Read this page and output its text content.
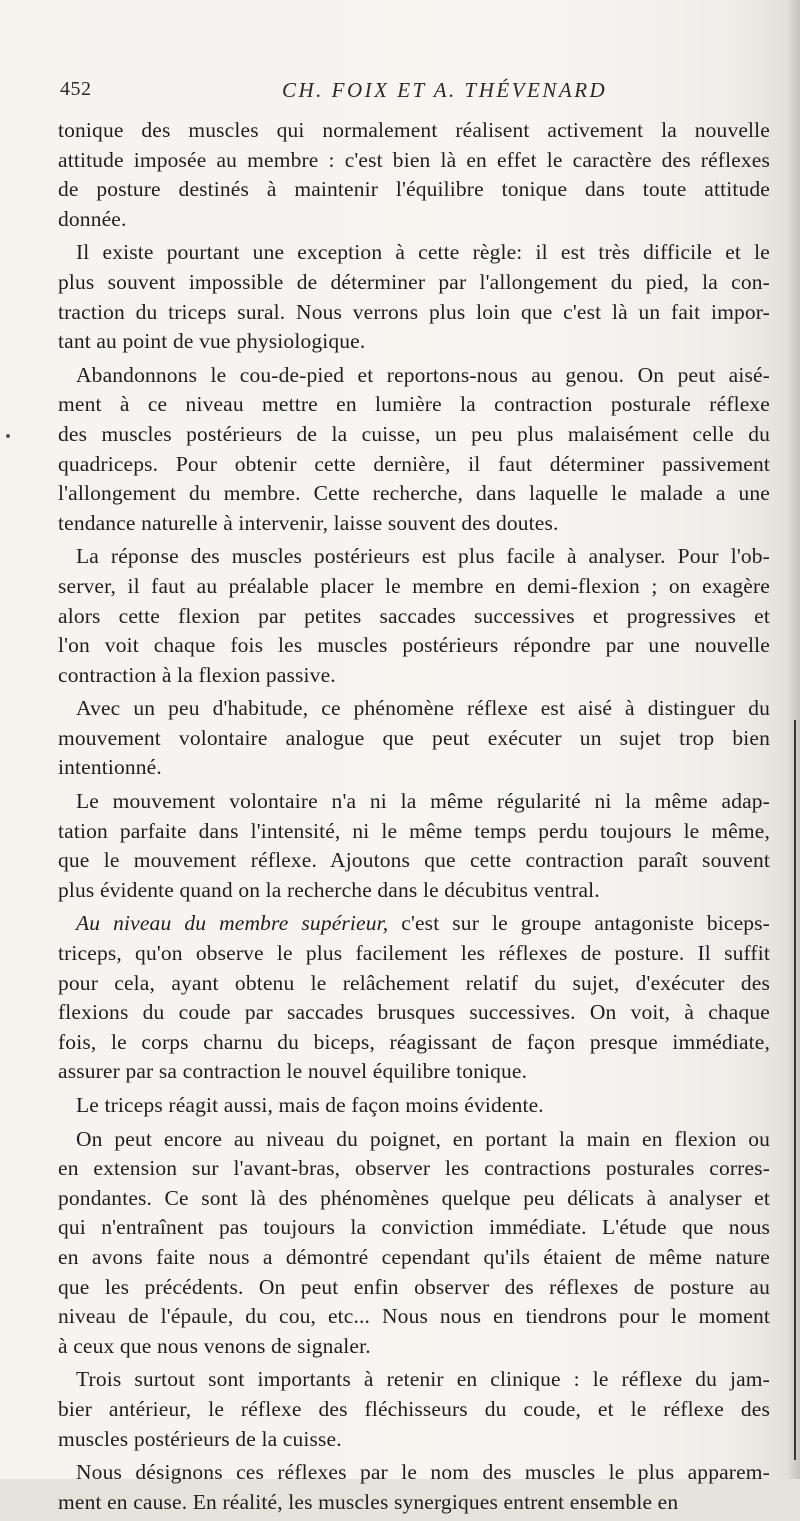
452	CH. FOIX ET A. THÉVENARD
tonique des muscles qui normalement réalisent activement la nouvelle
attitude imposée au membre : c'est bien là en effet le caractère des réflexes
de posture destinés à maintenir l'équilibre tonique dans toute attitude
donnée.
Il existe pourtant une exception à cette règle: il est très difficile et le
plus souvent impossible de déterminer par l'allongement du pied, la con-
traction du triceps sural. Nous verrons plus loin que c'est là un fait impor-
tant au point de vue physiologique.
Abandonnons le cou-de-pied et reportons-nous au genou. On peut aisé-
ment à ce niveau mettre en lumière la contraction posturale réflexe
des muscles postérieurs de la cuisse, un peu plus malaisément celle du
quadriceps. Pour obtenir cette dernière, il faut déterminer passivement
l'allongement du membre. Cette recherche, dans laquelle le malade a une
tendance naturelle à intervenir, laisse souvent des doutes.
La réponse des muscles postérieurs est plus facile à analyser. Pour l'ob-
server, il faut au préalable placer le membre en demi-flexion ; on exagère
alors cette flexion par petites saccades successives et progressives et
l'on voit chaque fois les muscles postérieurs répondre par une nouvelle
contraction à la flexion passive.
Avec un peu d'habitude, ce phénomène réflexe est aisé à distinguer du
mouvement volontaire analogue que peut exécuter un sujet trop bien
intentionné.
Le mouvement volontaire n'a ni la même régularité ni la même adap-
tation parfaite dans l'intensité, ni le même temps perdu toujours le même,
que le mouvement réflexe. Ajoutons que cette contraction paraît souvent
plus évidente quand on la recherche dans le décubitus ventral.
Au niveau du membre supérieur, c'est sur le groupe antagoniste biceps-
triceps, qu'on observe le plus facilement les réflexes de posture. Il suffit
pour cela, ayant obtenu le relâchement relatif du sujet, d'exécuter des
flexions du coude par saccades brusques successives. On voit, à chaque
fois, le corps charnu du biceps, réagissant de façon presque immédiate,
assurer par sa contraction le nouvel équilibre tonique.
Le triceps réagit aussi, mais de façon moins évidente.
On peut encore au niveau du poignet, en portant la main en flexion ou
en extension sur l'avant-bras, observer les contractions posturales corres-
pondantes. Ce sont là des phénomènes quelque peu délicats à analyser et
qui n'entraînent pas toujours la conviction immédiate. L'étude que nous
en avons faite nous a démontré cependant qu'ils étaient de même nature
que les précédents. On peut enfin observer des réflexes de posture au
niveau de l'épaule, du cou, etc... Nous nous en tiendrons pour le moment
à ceux que nous venons de signaler.
Trois surtout sont importants à retenir en clinique : le réflexe du jam-
bier antérieur, le réflexe des fléchisseurs du coude, et le réflexe des
muscles postérieurs de la cuisse.
Nous désignons ces réflexes par le nom des muscles le plus apparem-
ment en cause. En réalité, les muscles synergiques entrent ensemble en
